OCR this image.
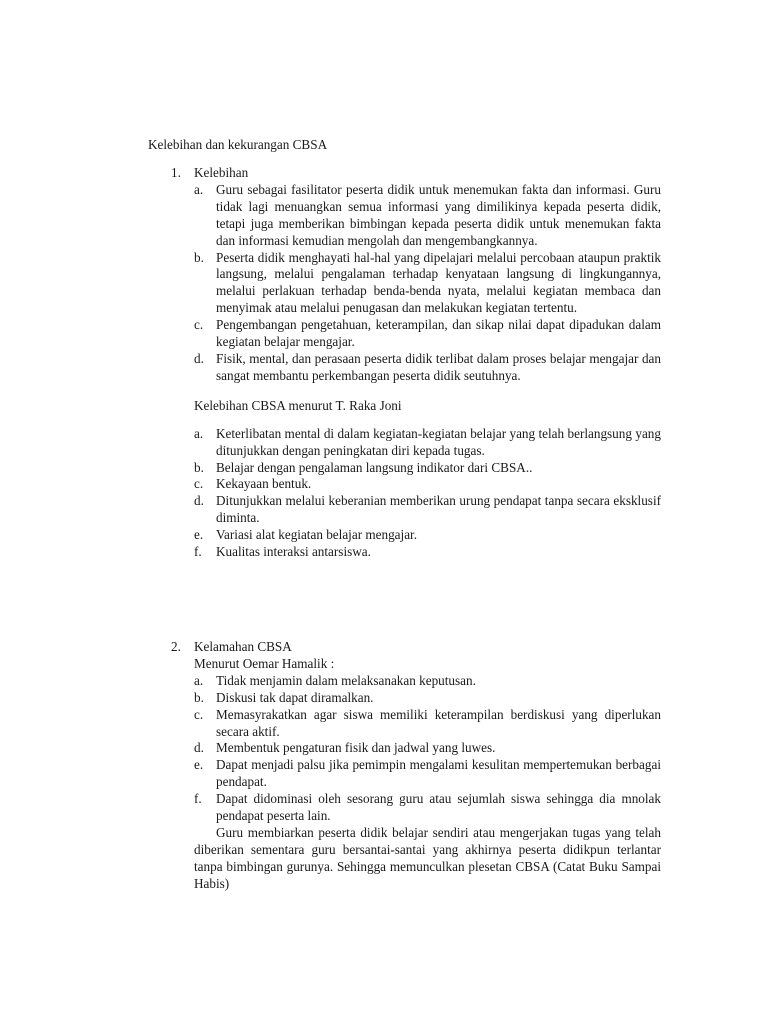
Kelebihan dan kekurangan CBSA
1. Kelebihan
a. Guru sebagai fasilitator peserta didik untuk menemukan fakta dan informasi. Guru tidak lagi menuangkan semua informasi yang dimilikinya kepada peserta didik, tetapi juga memberikan bimbingan kepada peserta didik untuk menemukan fakta dan informasi kemudian mengolah dan mengembangkannya.
b. Peserta didik menghayati hal-hal yang dipelajari melalui percobaan ataupun praktik langsung, melalui pengalaman terhadap kenyataan langsung di lingkungannya, melalui perlakuan terhadap benda-benda nyata, melalui kegiatan membaca dan menyimak atau melalui penugasan dan melakukan kegiatan tertentu.
c. Pengembangan pengetahuan, keterampilan, dan sikap nilai dapat dipadukan dalam kegiatan belajar mengajar.
d. Fisik, mental, dan perasaan peserta didik terlibat dalam proses belajar mengajar dan sangat membantu perkembangan peserta didik seutuhnya.
Kelebihan CBSA menurut T. Raka Joni
a. Keterlibatan mental di dalam kegiatan-kegiatan belajar yang telah berlangsung yang ditunjukkan dengan peningkatan diri kepada tugas.
b. Belajar dengan pengalaman langsung indikator dari CBSA..
c. Kekayaan bentuk.
d. Ditunjukkan melalui keberanian memberikan urung pendapat tanpa secara eksklusif diminta.
e. Variasi alat kegiatan belajar mengajar.
f. Kualitas interaksi antarsiswa.
2. Kelamahan CBSA
Menurut Oemar Hamalik :
a. Tidak menjamin dalam melaksanakan keputusan.
b. Diskusi tak dapat diramalkan.
c. Memasyrakatkan agar siswa memiliki keterampilan berdiskusi yang diperlukan secara aktif.
d. Membentuk pengaturan fisik dan jadwal yang luwes.
e. Dapat menjadi palsu jika pemimpin mengalami kesulitan mempertemukan berbagai pendapat.
f. Dapat didominasi oleh sesorang guru atau sejumlah siswa sehingga dia mnolak pendapat peserta lain.
Guru membiarkan peserta didik belajar sendiri atau mengerjakan tugas yang telah diberikan sementara guru bersantai-santai yang akhirnya peserta didikpun terlantar tanpa bimbingan gurunya. Sehingga memunculkan plesetan CBSA (Catat Buku Sampai Habis)
